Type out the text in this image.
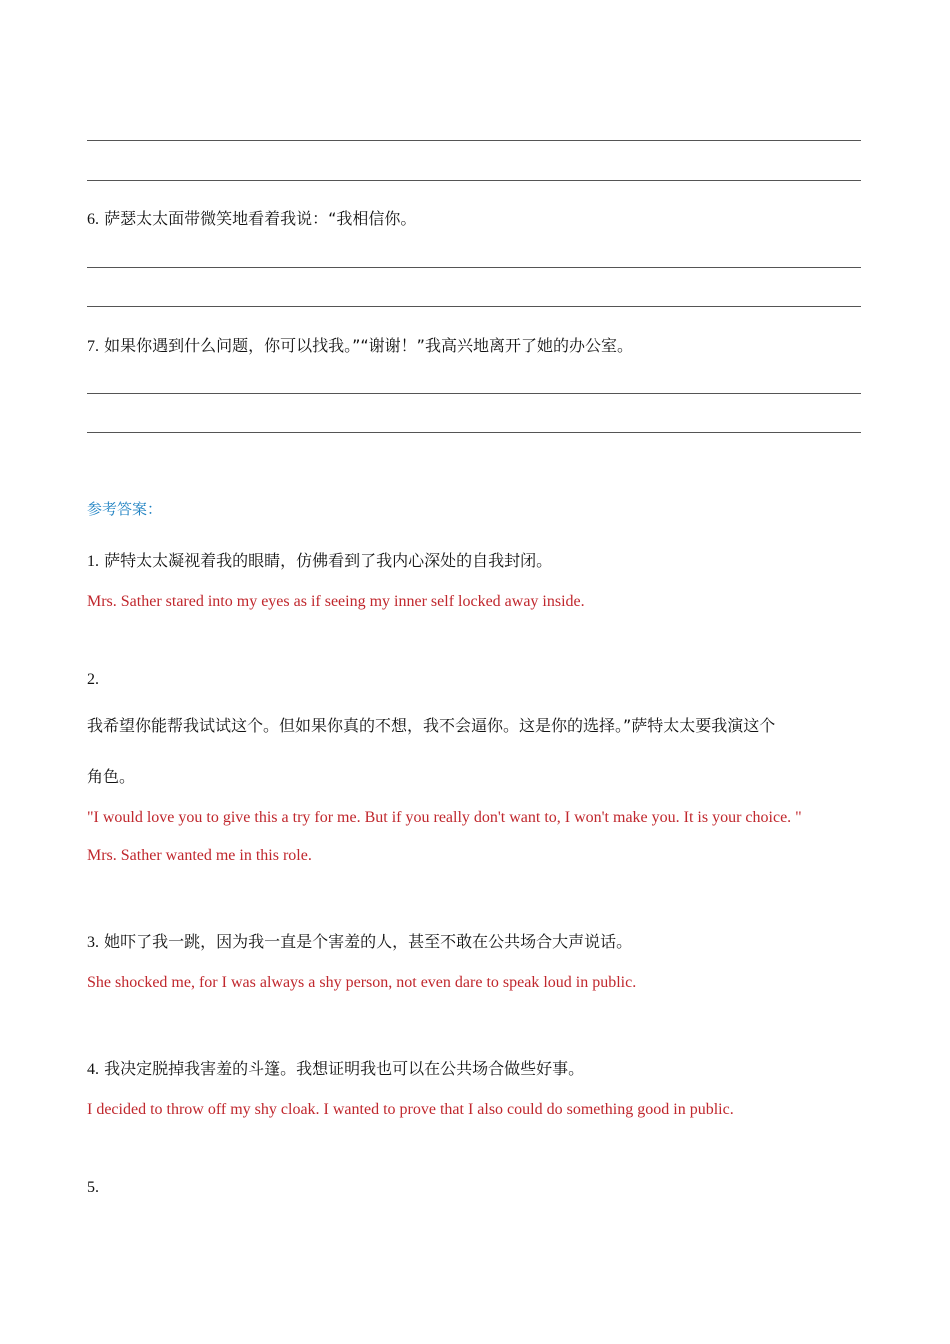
6. 萨瑟太太面带微笑地看着我说：“我相信你。
7. 如果你遇到什么问题，你可以找我。”“谢谢！”我高兴地离开了她的办公室。
参考答案：
1. 萨特太太凝视着我的眼睛，仿佛看到了我内心深处的自我封闭。
Mrs. Sather stared into my eyes as if seeing my inner self locked away inside.
2.
我希望你能帮我试试这个。但如果你真的不想，我不会逼你。这是你的选择。”萨特太太要我演这个
角色。
"I would love you to give this a try for me. But if you really don't want to, I won't make you. It is your choice. "
Mrs. Sather wanted me in this role.
3. 她吓了我一跳，因为我一直是个害羞的人，甚至不敢在公共场合大声说话。
She shocked me, for I was always a shy person, not even dare to speak loud in public.
4. 我决定脱掉我害羞的斗篷。我想证明我也可以在公共场合做些好事。
I decided to throw off my shy cloak. I wanted to prove that I also could do something good in public.
5.
